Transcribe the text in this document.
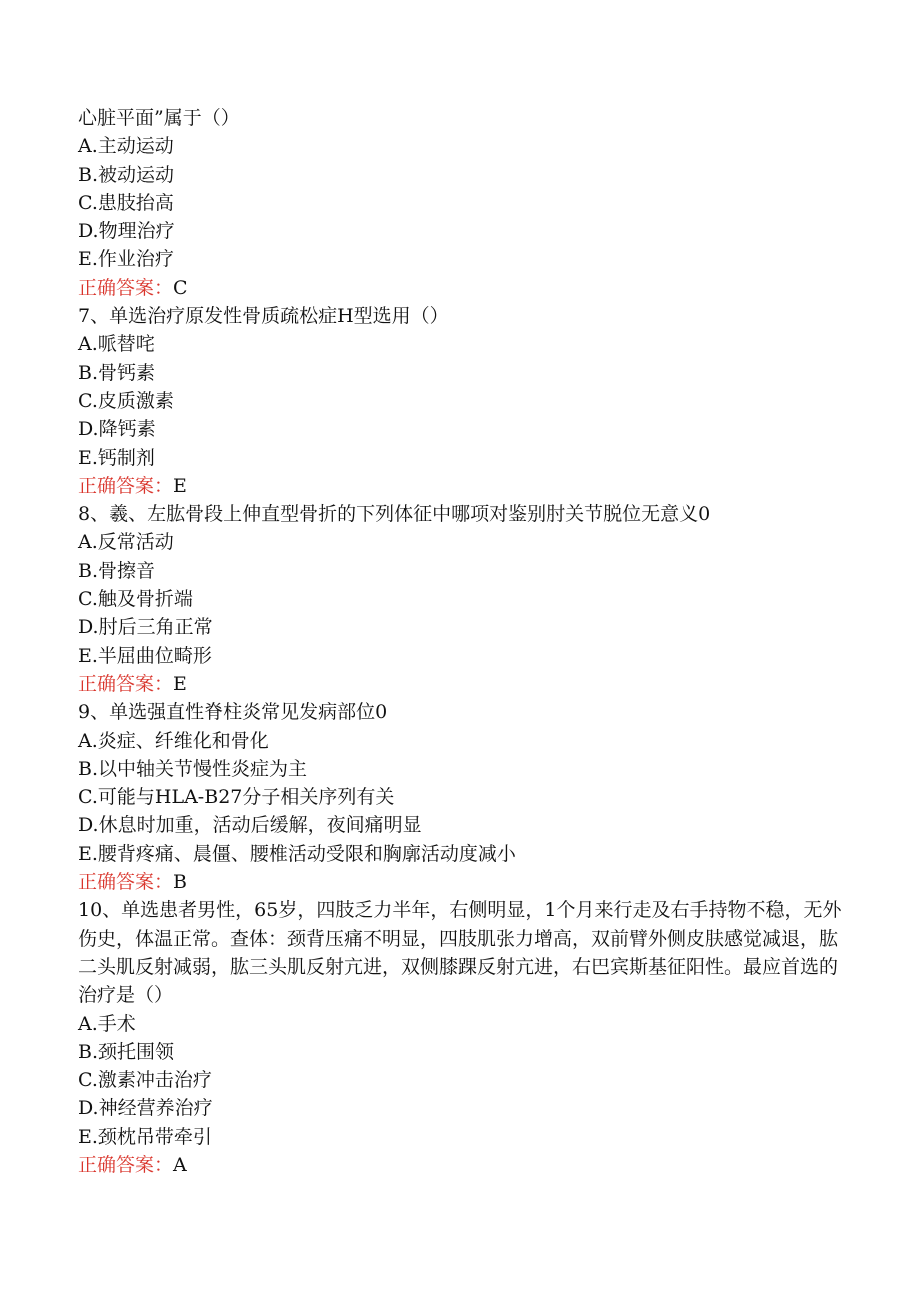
心脏平面”属于（）
A.主动运动
B.被动运动
C.患肢抬高
D.物理治疗
E.作业治疗
正确答案：C
7、单选治疗原发性骨质疏松症H型选用（）
A.哌替咤
B.骨钙素
C.皮质激素
D.降钙素
E.钙制剂
正确答案：E
8、羲、左肱骨段上伸直型骨折的下列体征中哪项对鉴别肘关节脱位无意义0
A.反常活动
B.骨擦音
C.触及骨折端
D.肘后三角正常
E.半屈曲位畸形
正确答案：E
9、单选强直性脊柱炎常见发病部位0
A.炎症、纤维化和骨化
B.以中轴关节慢性炎症为主
C.可能与HLA-B27分子相关序列有关
D.休息时加重，活动后缓解，夜间痛明显
E.腰背疼痛、晨僵、腰椎活动受限和胸廓活动度减小
正确答案：B
10、单选患者男性，65岁，四肢乏力半年，右侧明显，1个月来行走及右手持物不稳，无外伤史，体温正常。查体：颈背压痛不明显，四肢肌张力增高，双前臂外侧皮肤感觉减退，肱二头肌反射减弱，肱三头肌反射亢进，双侧膝踝反射亢进，右巴宾斯基征阳性。最应首选的治疗是（）
A.手术
B.颈托围领
C.激素冲击治疗
D.神经营养治疗
E.颈枕吊带牵引
正确答案：A
